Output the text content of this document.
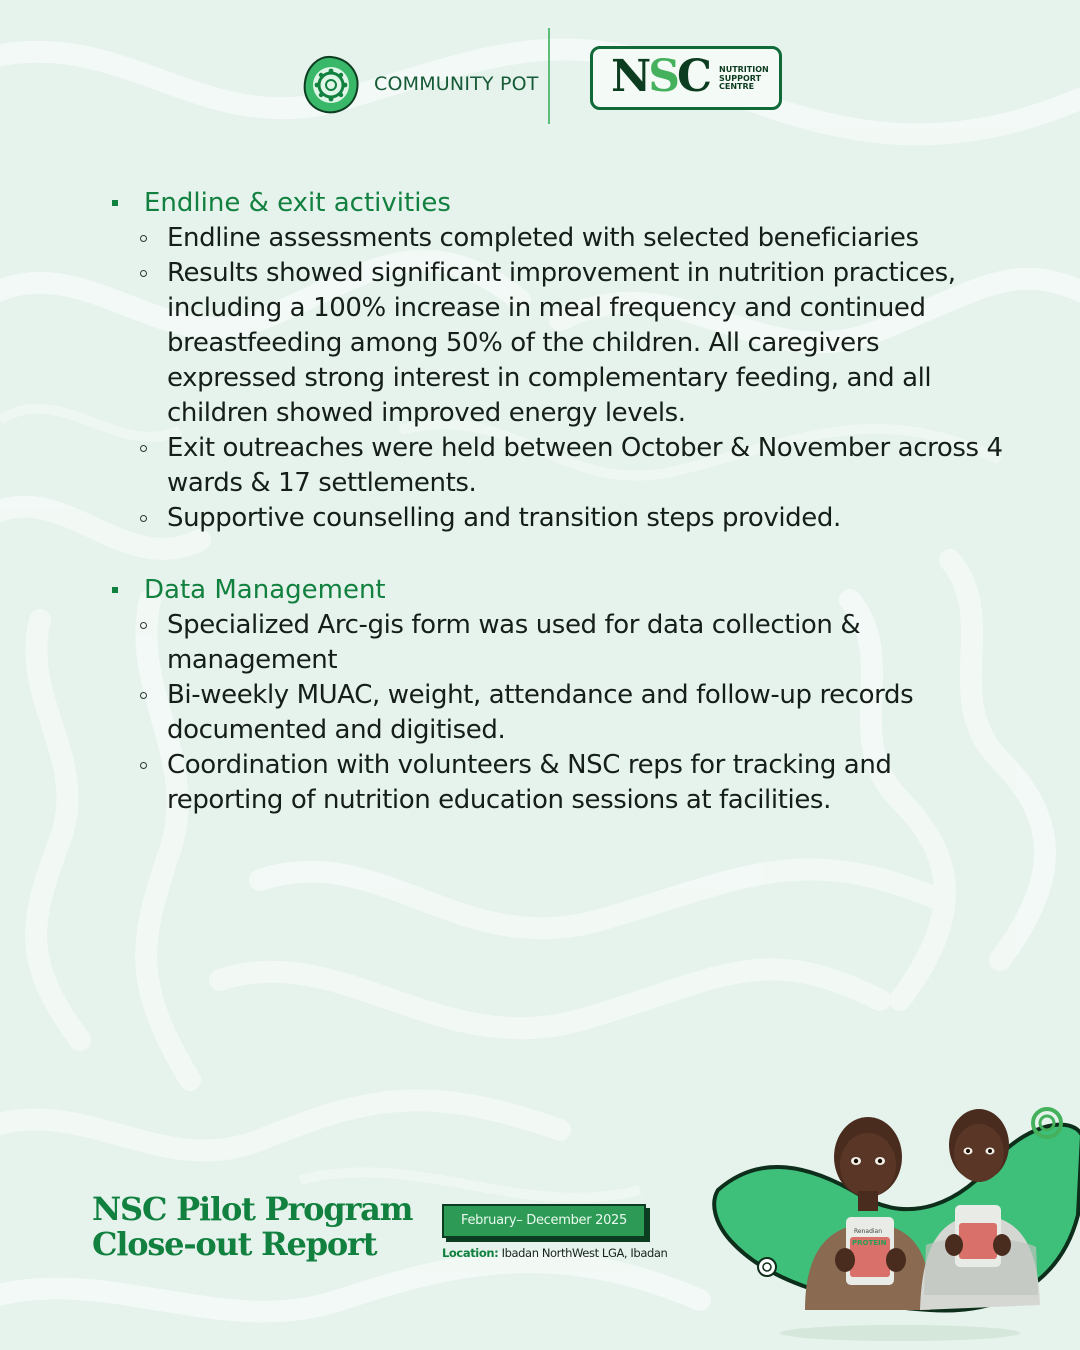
COMMUNITY POT NSC NUTRITION
SUPPORT
CENTRE
Endline & exit activities
Endline assessments completed with selected beneficiaries
Results showed significant improvement in nutrition practices, including a 100% increase in meal frequency and continued breastfeeding among 50% of the children. All caregivers expressed strong interest in complementary feeding, and all children showed improved energy levels.
Exit outreaches were held between October & November across 4 wards & 17 settlements.
Supportive counselling and transition steps provided.
Data Management
Specialized Arc-gis form was used for data collection & management
Bi-weekly MUAC, weight, attendance and follow-up records documented and digitised.
Coordination with volunteers & NSC reps for tracking and reporting of nutrition education sessions at facilities.
NSC Pilot Program
Close-out Report
February– December 2025
Location: Ibadan NorthWest LGA, Ibadan
Renadian
PROTEIN
